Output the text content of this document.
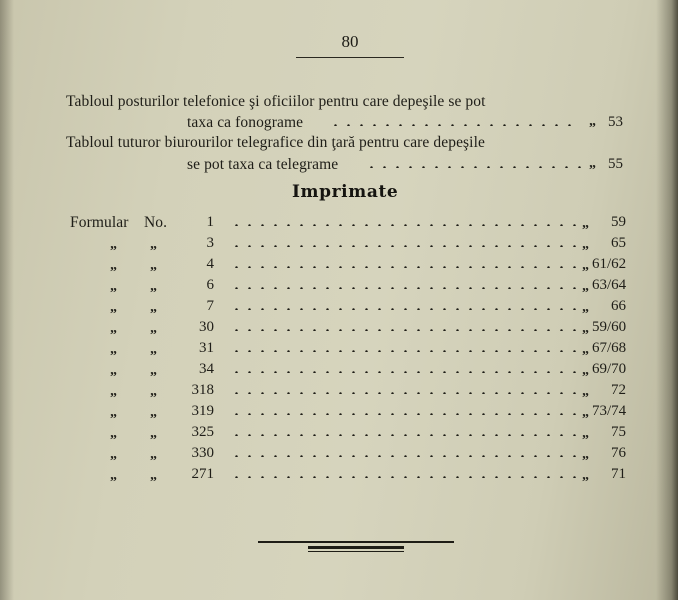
80
Tabloul posturilor telefonice şi oficiilor pentru care depeşile se pot
taxa ca fonograme	„ 53
Tabloul tuturor biurourilor telegrafice din ţară pentru care depeşile
se pot taxa ca telegrame	„ 55
Imprimate
Formular No.	1	„ 59
„ „	3	„ 65
„ „	4	„ 61/62
„ „	6	„ 63/64
„ „	7	„ 66
„ „	30	„ 59/60
„ „	31	„ 67/68
„ „	34	„ 69/70
„ „	318	„ 72
„ „	319	„ 73/74
„ „	325	„ 75
„ „	330	„ 76
„ „	271	„ 71
